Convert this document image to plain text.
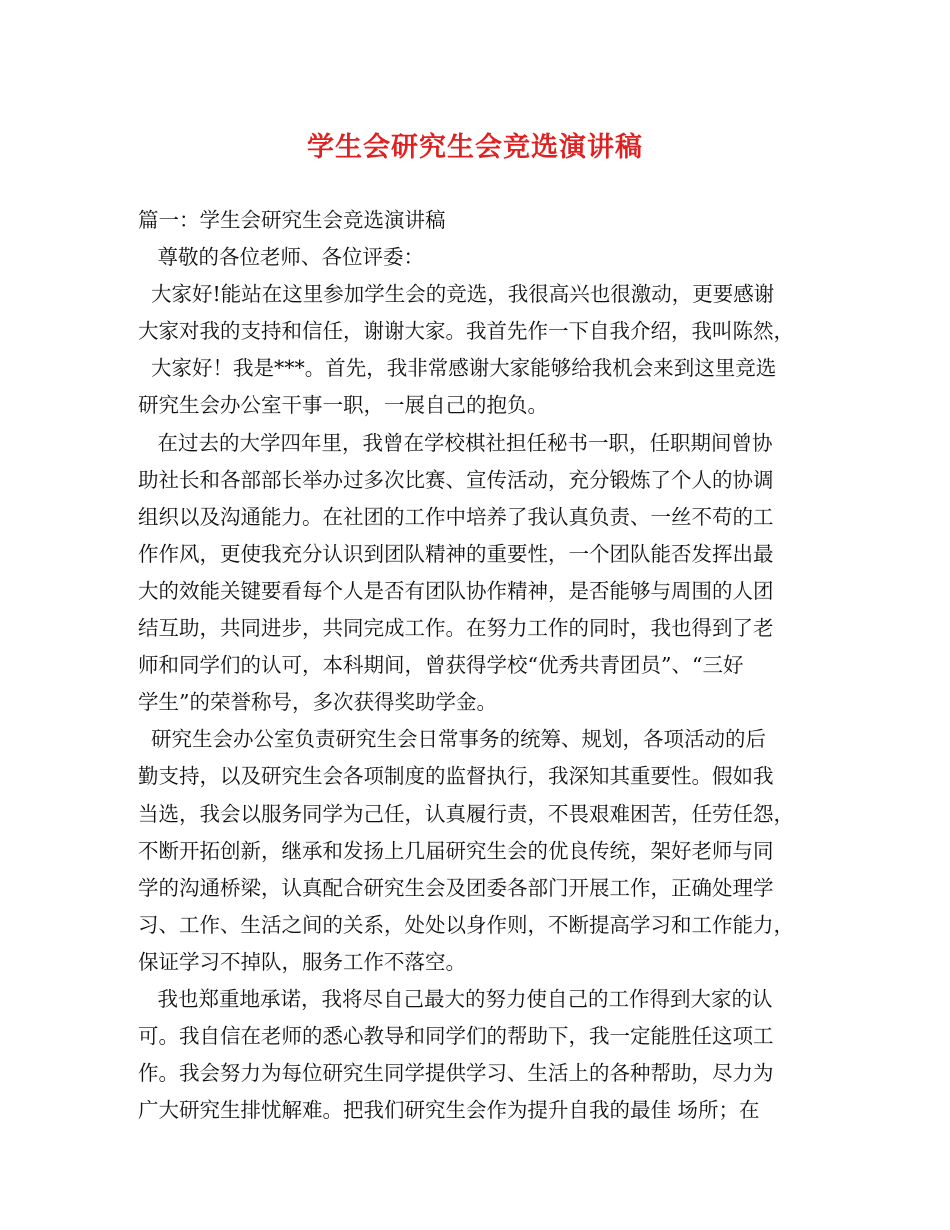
学生会研究生会竞选演讲稿
篇一：学生会研究生会竞选演讲稿
尊敬的各位老师、各位评委：
大家好!能站在这里参加学生会的竞选，我很高兴也很激动，更要感谢
大家对我的支持和信任，谢谢大家。我首先作一下自我介绍，我叫陈然，
大家好！我是***。首先，我非常感谢大家能够给我机会来到这里竞选
研究生会办公室干事一职，一展自己的抱负。
在过去的大学四年里，我曾在学校棋社担任秘书一职，任职期间曾协
助社长和各部部长举办过多次比赛、宣传活动，充分锻炼了个人的协调
组织以及沟通能力。在社团的工作中培养了我认真负责、一丝不苟的工
作作风，更使我充分认识到团队精神的重要性，一个团队能否发挥出最
大的效能关键要看每个人是否有团队协作精神，是否能够与周围的人团
结互助，共同进步，共同完成工作。在努力工作的同时，我也得到了老
师和同学们的认可，本科期间，曾获得学校“优秀共青团员”、“三好
学生”的荣誉称号，多次获得奖助学金。
研究生会办公室负责研究生会日常事务的统筹、规划，各项活动的后
勤支持，以及研究生会各项制度的监督执行，我深知其重要性。假如我
当选，我会以服务同学为己任，认真履行责，不畏艰难困苦，任劳任怨，
不断开拓创新，继承和发扬上几届研究生会的优良传统，架好老师与同
学的沟通桥梁，认真配合研究生会及团委各部门开展工作，正确处理学
习、工作、生活之间的关系，处处以身作则，不断提高学习和工作能力，
保证学习不掉队，服务工作不落空。
我也郑重地承诺，我将尽自己最大的努力使自己的工作得到大家的认
可。我自信在老师的悉心教导和同学们的帮助下，我一定能胜任这项工
作。我会努力为每位研究生同学提供学习、生活上的各种帮助，尽力为
广大研究生排忧解难。把我们研究生会作为提升自我的最佳 场所；在
